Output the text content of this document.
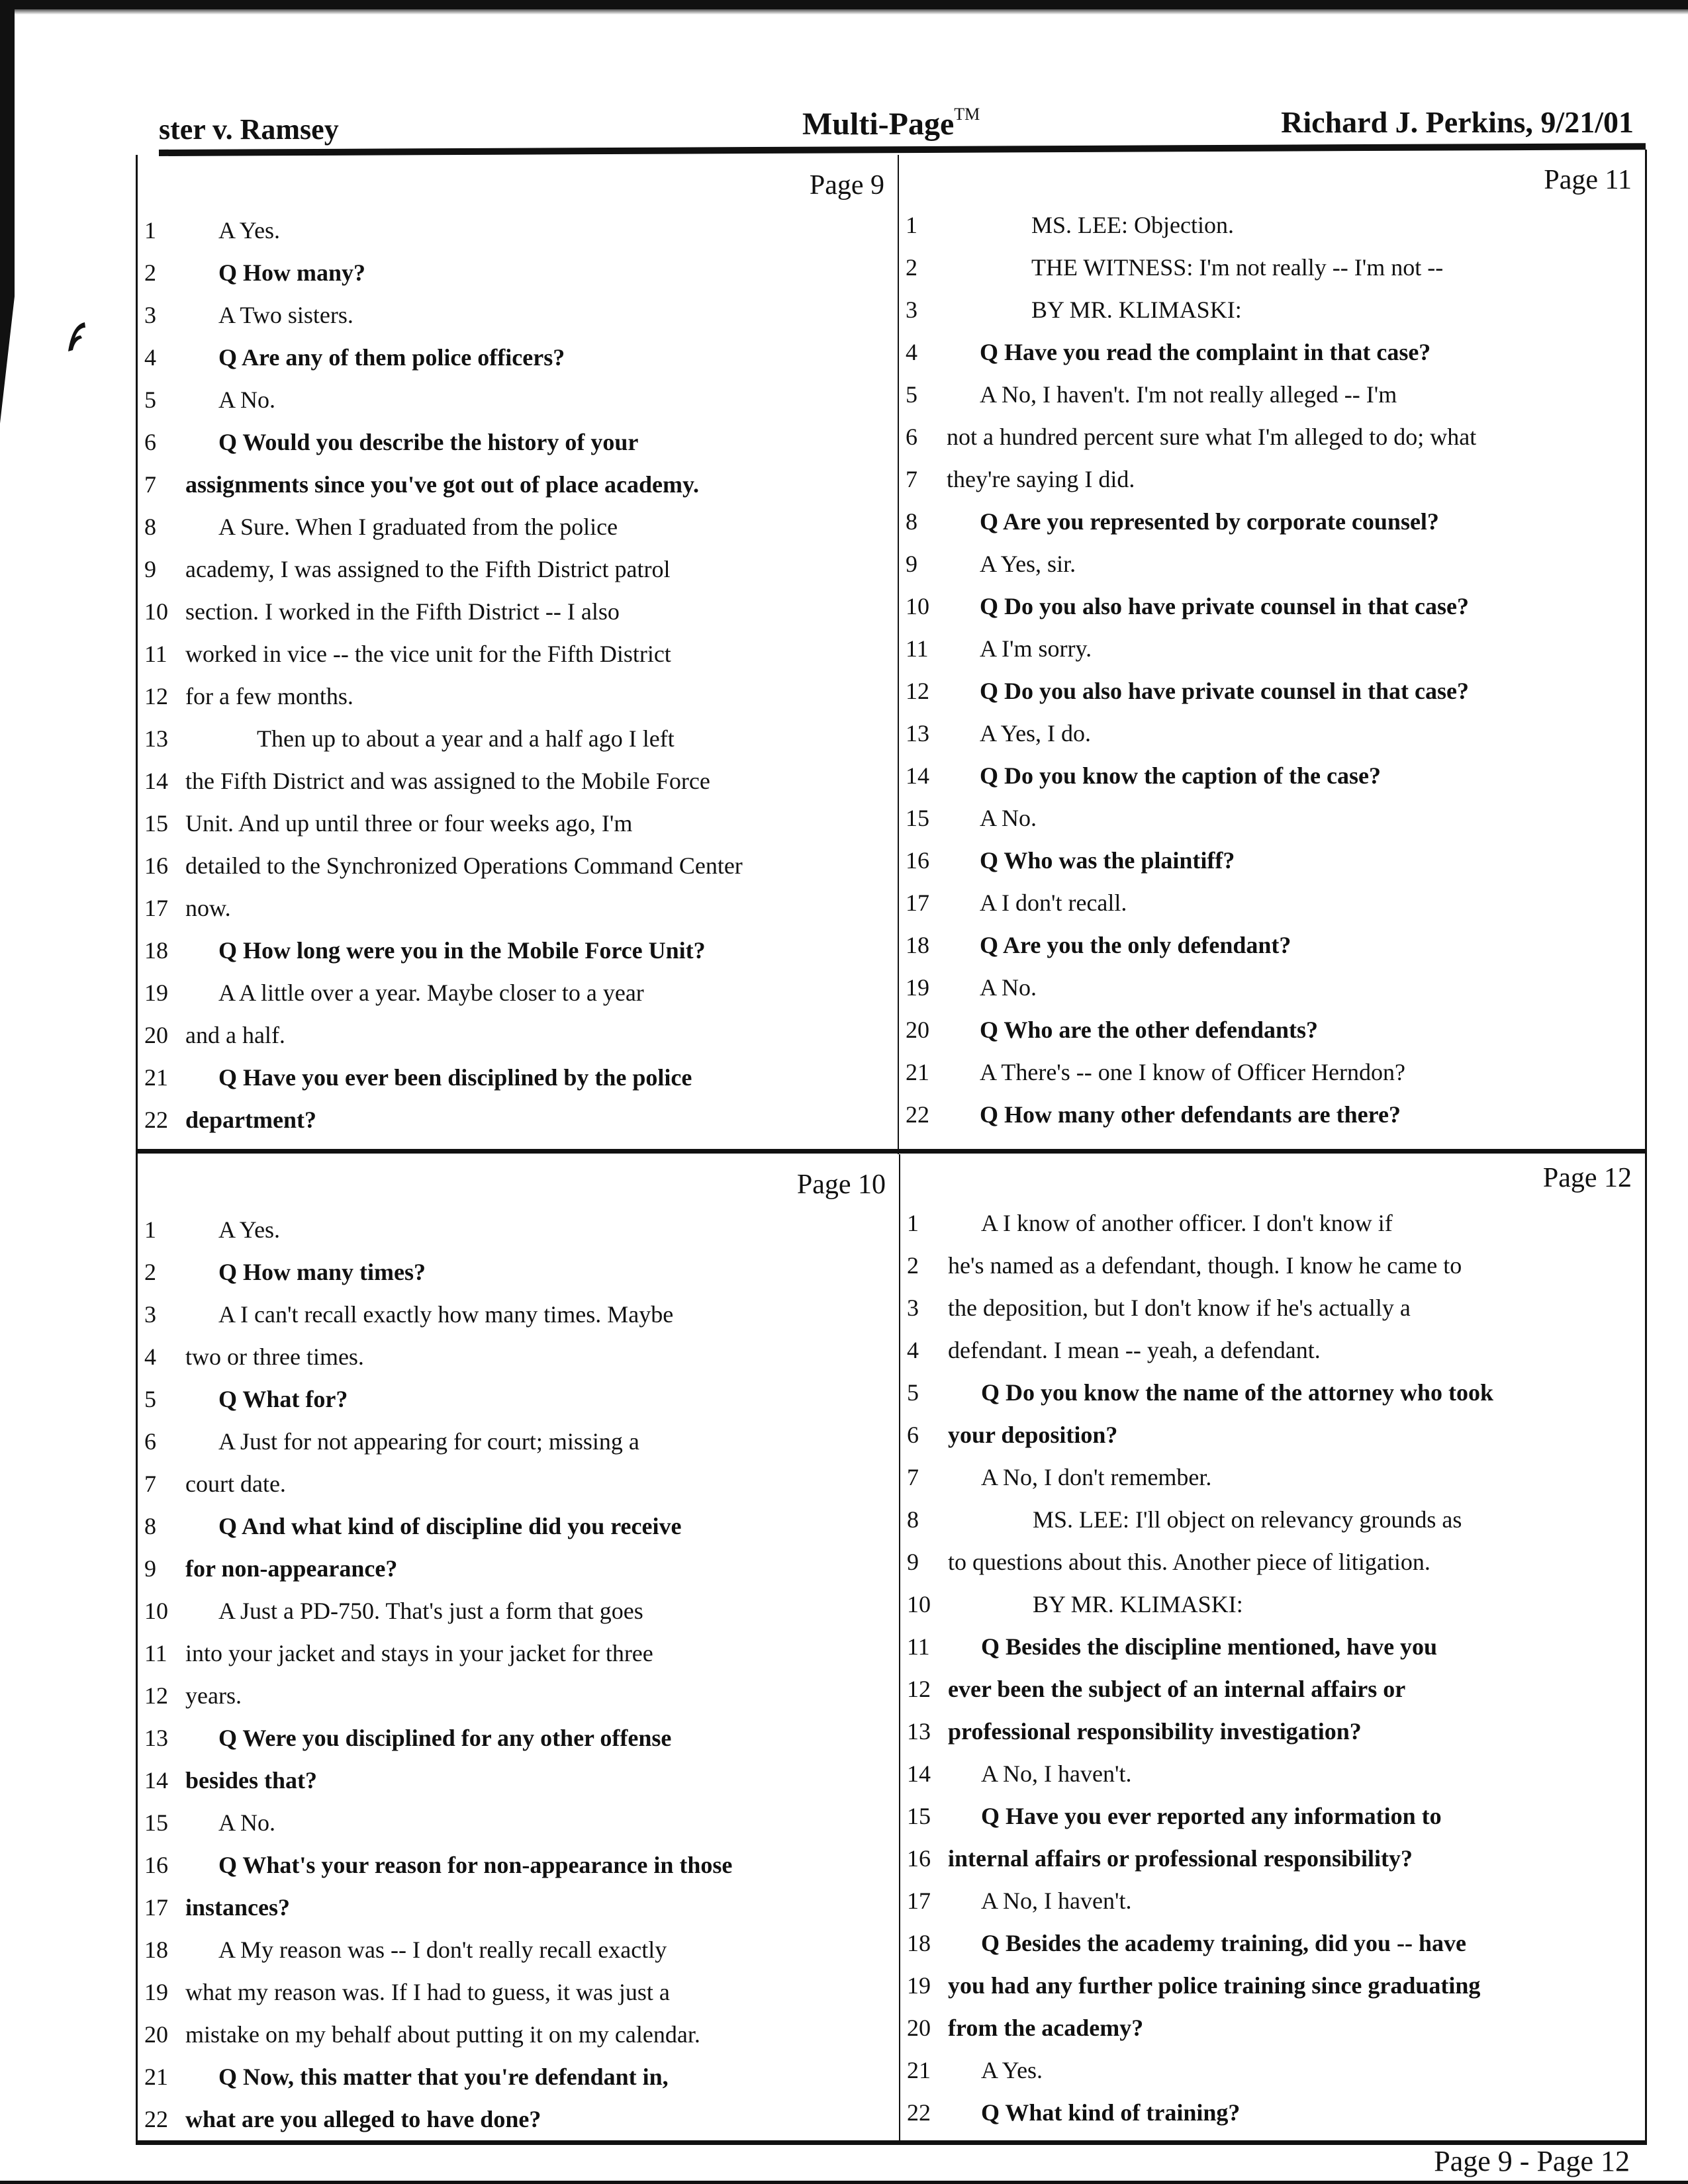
ster v. Ramsey	Multi-Page™	Richard J. Perkins, 9/21/01
Page 9
1	A Yes.
2	Q How many?
3	A Two sisters.
4	Q Are any of them police officers?
5	A No.
6	Q Would you describe the history of your
7	assignments since you've got out of place academy.
8	A Sure. When I graduated from the police
9	academy, I was assigned to the Fifth District patrol
10 section. I worked in the Fifth District -- I also
11 worked in vice -- the vice unit for the Fifth District
12 for a few months.
13	Then up to about a year and a half ago I left
14 the Fifth District and was assigned to the Mobile Force
15 Unit. And up until three or four weeks ago, I'm
16 detailed to the Synchronized Operations Command Center
17 now.
18	Q How long were you in the Mobile Force Unit?
19	A A little over a year. Maybe closer to a year
20 and a half.
21	Q Have you ever been disciplined by the police
22 department?
Page 11
1	MS. LEE: Objection.
2	THE WITNESS: I'm not really -- I'm not --
3	BY MR. KLIMASKI:
4	Q Have you read the complaint in that case?
5	A No, I haven't. I'm not really alleged -- I'm
6	not a hundred percent sure what I'm alleged to do; what
7	they're saying I did.
8	Q Are you represented by corporate counsel?
9	A Yes, sir.
10	Q Do you also have private counsel in that case?
11	A I'm sorry.
12	Q Do you also have private counsel in that case?
13	A Yes, I do.
14	Q Do you know the caption of the case?
15	A No.
16	Q Who was the plaintiff?
17	A I don't recall.
18	Q Are you the only defendant?
19	A No.
20	Q Who are the other defendants?
21	A There's -- one I know of Officer Herndon?
22	Q How many other defendants are there?
Page 10
1	A Yes.
2	Q How many times?
3	A I can't recall exactly how many times. Maybe
4	two or three times.
5	Q What for?
6	A Just for not appearing for court; missing a
7	court date.
8	Q And what kind of discipline did you receive
9	for non-appearance?
10	A Just a PD-750. That's just a form that goes
11 into your jacket and stays in your jacket for three
12 years.
13	Q Were you disciplined for any other offense
14 besides that?
15	A No.
16	Q What's your reason for non-appearance in those
17 instances?
18	A My reason was -- I don't really recall exactly
19 what my reason was. If I had to guess, it was just a
20 mistake on my behalf about putting it on my calendar.
21	Q Now, this matter that you're defendant in,
22 what are you alleged to have done?
Page 12
1	A I know of another officer. I don't know if
2	he's named as a defendant, though. I know he came to
3	the deposition, but I don't know if he's actually a
4	defendant. I mean -- yeah, a defendant.
5	Q Do you know the name of the attorney who took
6	your deposition?
7	A No, I don't remember.
8	MS. LEE: I'll object on relevancy grounds as
9	to questions about this. Another piece of litigation.
10	BY MR. KLIMASKI:
11	Q Besides the discipline mentioned, have you
12 ever been the subject of an internal affairs or
13 professional responsibility investigation?
14	A No, I haven't.
15	Q Have you ever reported any information to
16 internal affairs or professional responsibility?
17	A No, I haven't.
18	Q Besides the academy training, did you -- have
19 you had any further police training since graduating
20 from the academy?
21	A Yes.
22	Q What kind of training?
Page 9 - Page 12
